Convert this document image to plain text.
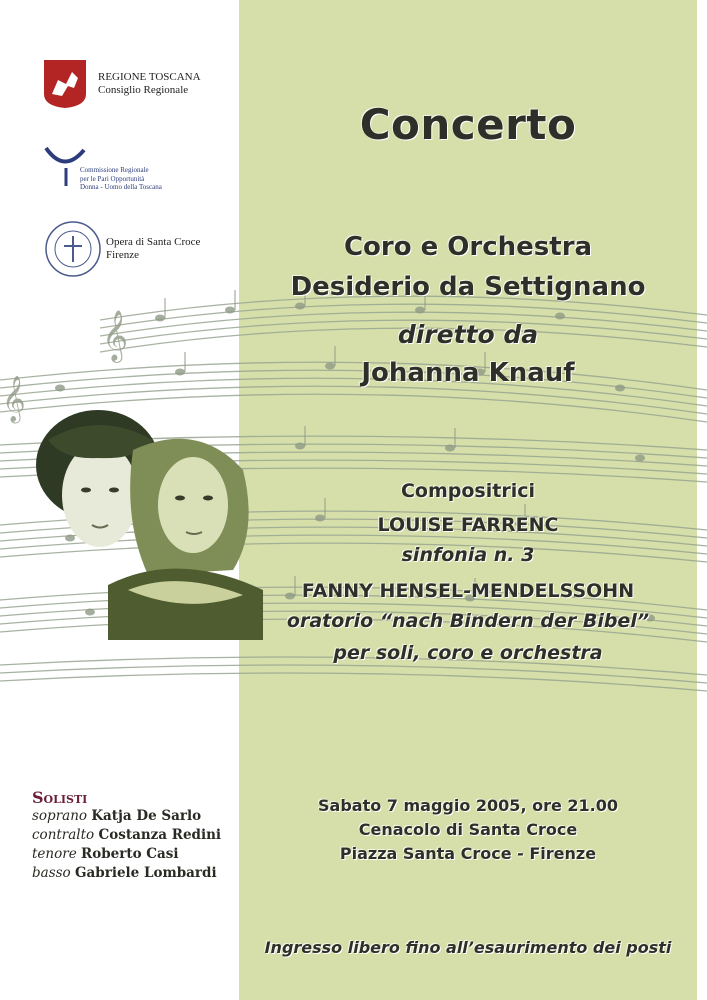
𝄞
𝄞
REGIONE TOSCANA
Consiglio Regionale
Commissione Regionale
per le Pari Opportunità
Donna - Uomo della Toscana
Opera di Santa Croce
Firenze
Concerto
Coro e Orchestra
Desiderio da Settignano
diretto da
Johanna Knauf
Compositrici
LOUISE FARRENC
sinfonia n. 3
FANNY HENSEL-MENDELSSOHN
oratorio “nach Bindern der Bibel”
per soli, coro e orchestra
Sabato 7 maggio 2005, ore 21.00
Cenacolo di Santa Croce
Piazza Santa Croce - Firenze
Ingresso libero fino all’esaurimento dei posti
Solisti
soprano Katja De Sarlo
contralto Costanza Redini
tenore Roberto Casi
basso Gabriele Lombardi
